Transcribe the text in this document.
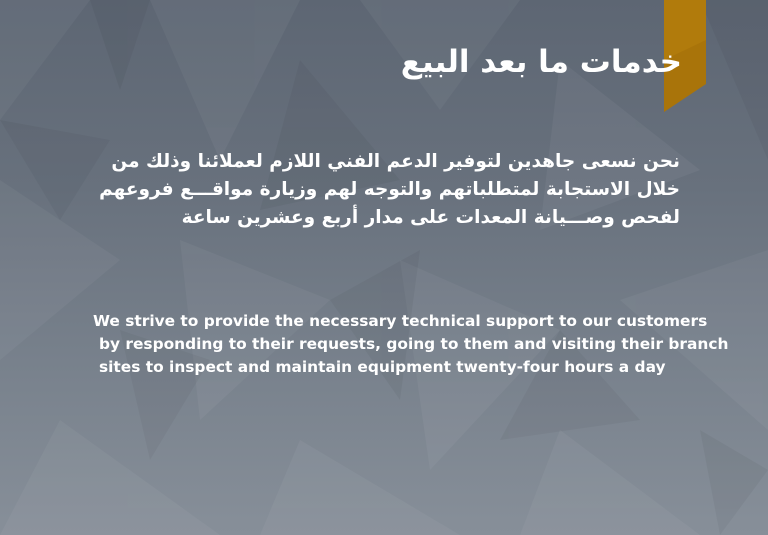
خدمات ما بعد البيع

نحن نسعى جاهدين لتوفير الدعم الفني اللازم لعملائنا وذلك من خلال الاستجابة لمتطلباتهم والتوجه لهم وزيارة مواقـــع فروعهم لفحص وصـــيانة المعدات على مدار أربع وعشرين ساعة

We strive to provide the necessary technical support to our customers
by responding to their requests, going to them and visiting their branch
sites to inspect and maintain equipment twenty-four hours a day
